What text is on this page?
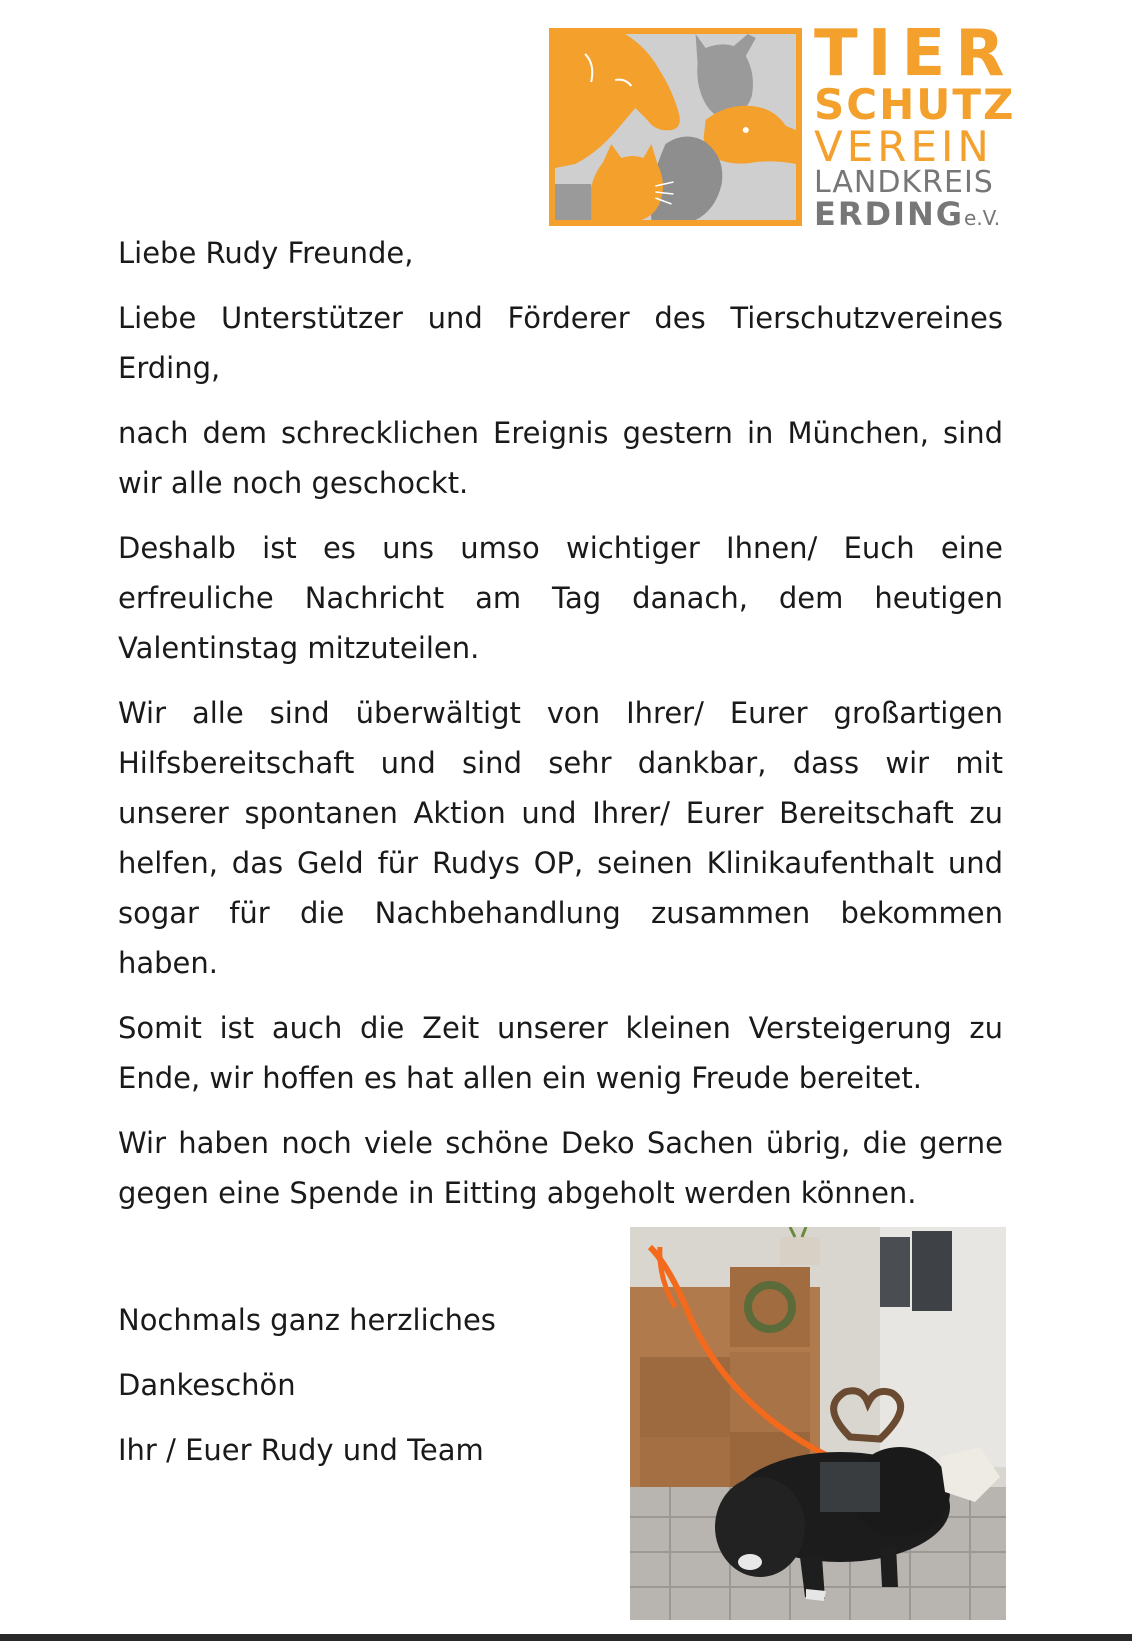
TIER
SCHUTZ
VEREIN
LANDKREIS
ERDINGe.V.

Liebe Rudy Freunde,

Liebe Unterstützer und Förderer des Tierschutzvereines Erding,

nach dem schrecklichen Ereignis gestern in München, sind wir alle noch geschockt.

Deshalb ist es uns umso wichtiger Ihnen/ Euch eine erfreuliche Nachricht am Tag danach, dem heutigen Valentinstag mitzuteilen.

Wir alle sind überwältigt von Ihrer/ Eurer großartigen Hilfsbereitschaft und sind sehr dankbar, dass wir mit unserer spontanen Aktion und Ihrer/ Eurer Bereitschaft zu helfen, das Geld für Rudys OP, seinen Klinikaufenthalt und sogar für die Nachbehandlung zusammen bekommen haben.

Somit ist auch die Zeit unserer kleinen Versteigerung zu Ende, wir hoffen es hat allen ein wenig Freude bereitet.

Wir haben noch viele schöne Deko Sachen übrig, die gerne gegen eine Spende in Eitting abgeholt werden können.

Nochmals ganz herzliches

Dankeschön

Ihr / Euer Rudy und Team
